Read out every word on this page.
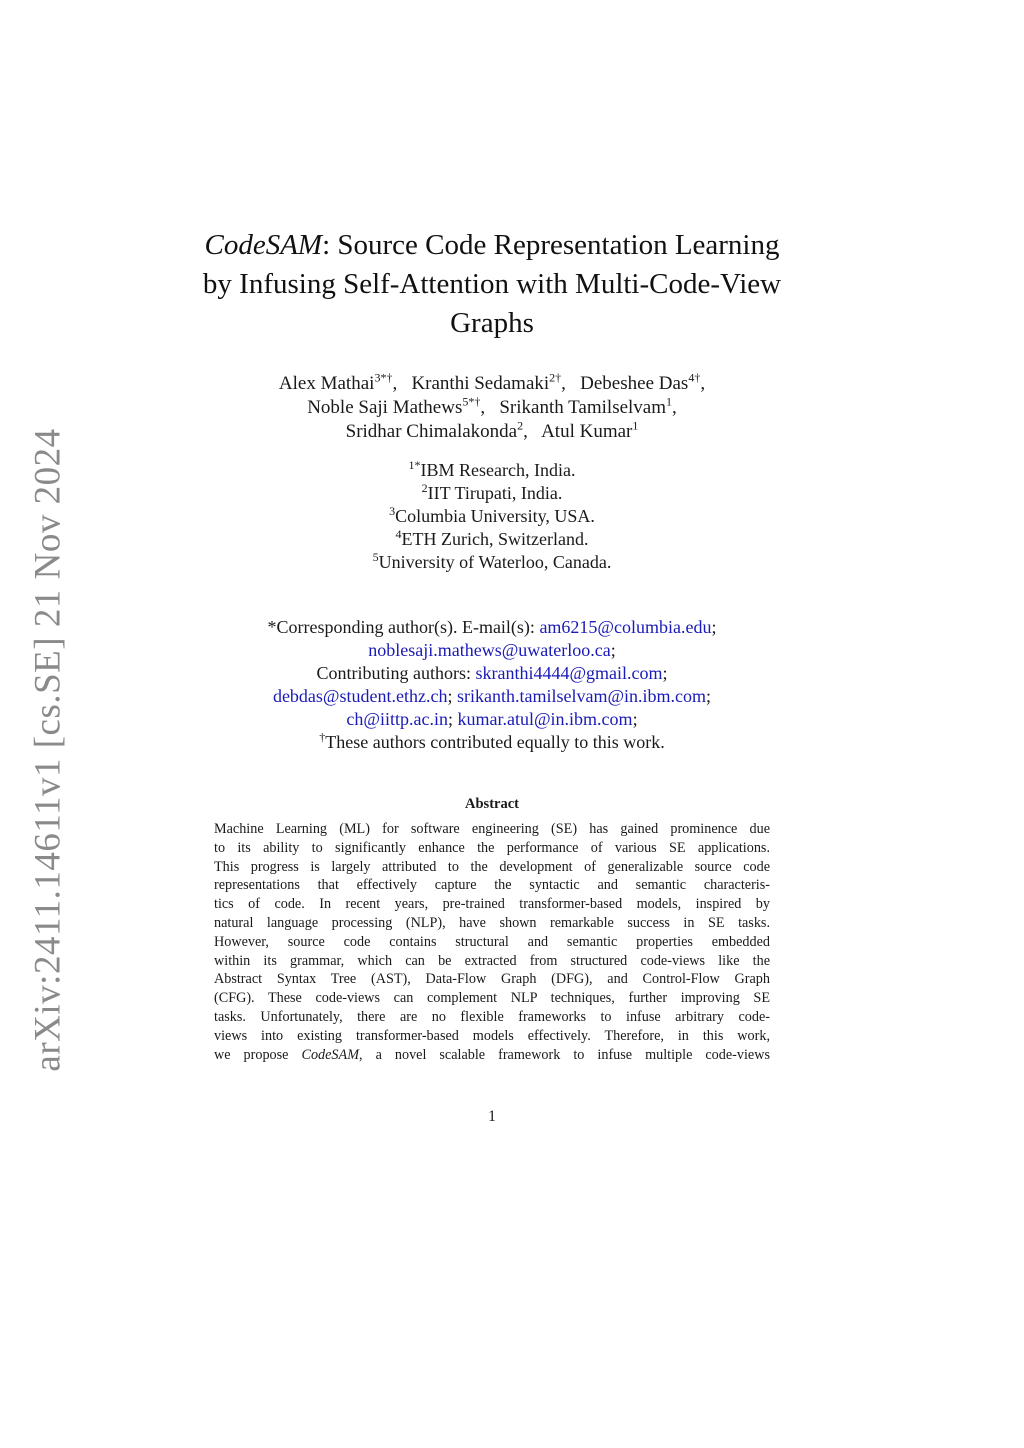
arXiv:2411.14611v1 [cs.SE] 21 Nov 2024
CodeSAM: Source Code Representation Learning
by Infusing Self-Attention with Multi-Code-View
Graphs
Alex Mathai$^{3*\dagger}$, Kranthi Sedamaki$^{2\dagger}$, Debeshee Das$^{4\dagger}$,
Noble Saji Mathews$^{5*\dagger}$, Srikanth Tamilselvam$^1$,
Sridhar Chimalakonda$^2$, Atul Kumar$^1$
$^{1*}$IBM Research, India.
$^2$IIT Tirupati, India.
$^3$Columbia University, USA.
$^4$ETH Zurich, Switzerland.
$^5$University of Waterloo, Canada.
*Corresponding author(s). E-mail(s): am6215@columbia.edu;
noblesaji.mathews@uwaterloo.ca;
Contributing authors: skranthi4444@gmail.com;
debdas@student.ethz.ch; srikanth.tamilselvam@in.ibm.com;
ch@iittp.ac.in; kumar.atul@in.ibm.com;
†These authors contributed equally to this work.
Abstract
Machine Learning (ML) for software engineering (SE) has gained prominence due
to its ability to significantly enhance the performance of various SE applications.
This progress is largely attributed to the development of generalizable source code
representations that effectively capture the syntactic and semantic characteris-
tics of code. In recent years, pre-trained transformer-based models, inspired by
natural language processing (NLP), have shown remarkable success in SE tasks.
However, source code contains structural and semantic properties embedded
within its grammar, which can be extracted from structured code-views like the
Abstract Syntax Tree (AST), Data-Flow Graph (DFG), and Control-Flow Graph
(CFG). These code-views can complement NLP techniques, further improving SE
tasks. Unfortunately, there are no flexible frameworks to infuse arbitrary code-
views into existing transformer-based models effectively. Therefore, in this work,
we propose CodeSAM, a novel scalable framework to infuse multiple code-views
1
